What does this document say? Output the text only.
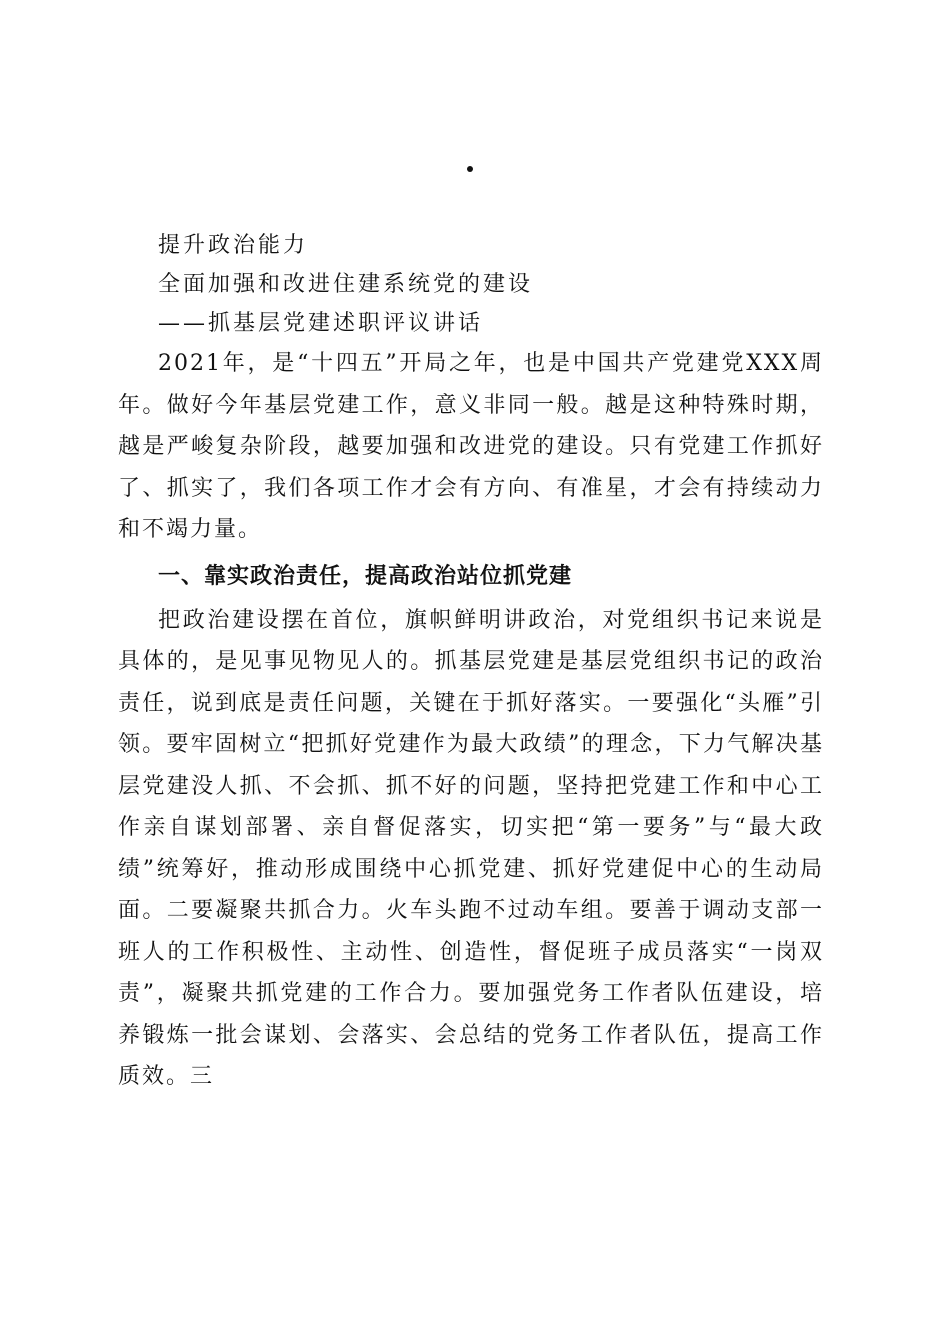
提升政治能力

全面加强和改进住建系统党的建设

——抓基层党建述职评议讲话

2021年，是“十四五”开局之年，也是中国共产党建党XXX周年。做好今年基层党建工作，意义非同一般。越是这种特殊时期，越是严峻复杂阶段，越要加强和改进党的建设。只有党建工作抓好了、抓实了，我们各项工作才会有方向、有准星，才会有持续动力和不竭力量。

一、靠实政治责任，提高政治站位抓党建

把政治建设摆在首位，旗帜鲜明讲政治，对党组织书记来说是具体的，是见事见物见人的。抓基层党建是基层党组织书记的政治责任，说到底是责任问题，关键在于抓好落实。一要强化“头雁”引领。要牢固树立“把抓好党建作为最大政绩”的理念，下力气解决基层党建没人抓、不会抓、抓不好的问题，坚持把党建工作和中心工作亲自谋划部署、亲自督促落实，切实把“第一要务”与“最大政绩”统筹好，推动形成围绕中心抓党建、抓好党建促中心的生动局面。二要凝聚共抓合力。火车头跑不过动车组。要善于调动支部一班人的工作积极性、主动性、创造性，督促班子成员落实“一岗双责”，凝聚共抓党建的工作合力。要加强党务工作者队伍建设，培养锻炼一批会谋划、会落实、会总结的党务工作者队伍，提高工作质效。三
